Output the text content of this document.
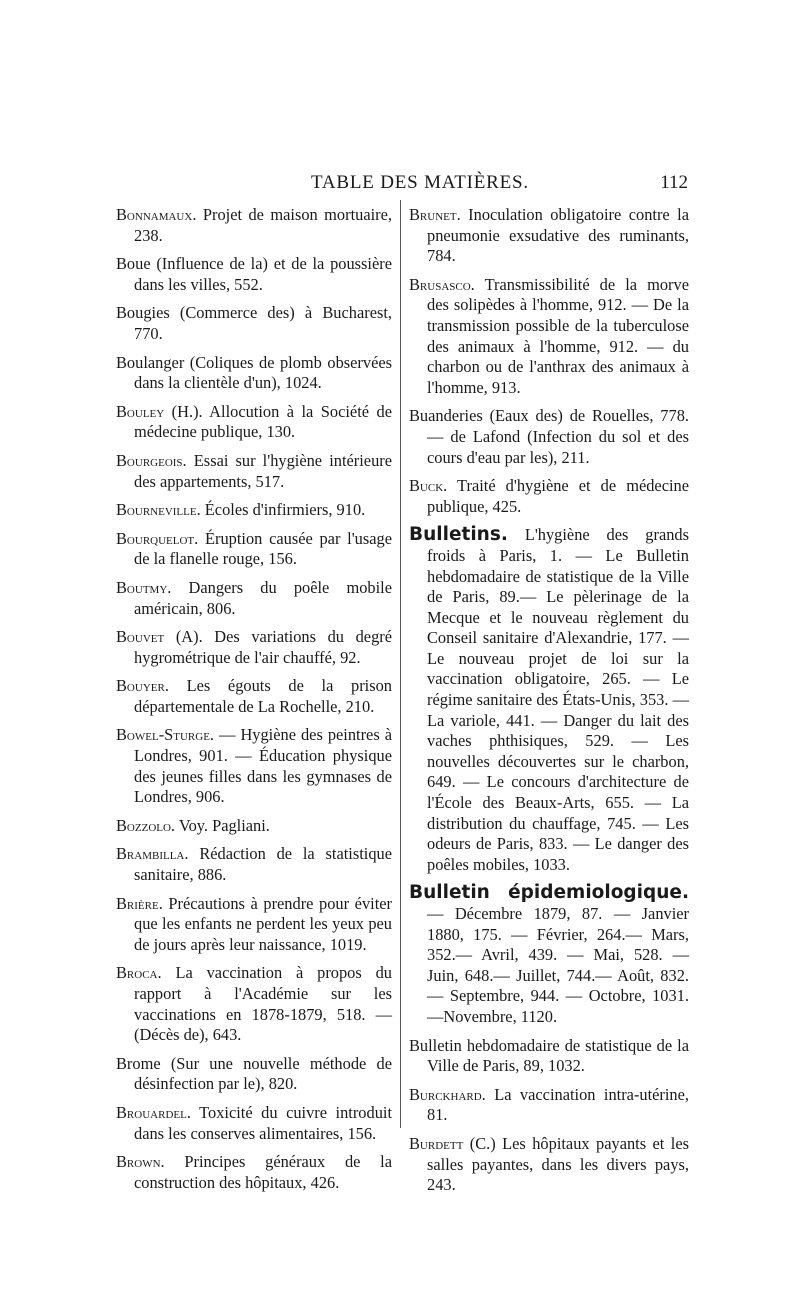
TABLE DES MATIÈRES.	112
Bonnamaux. Projet de maison mortuaire, 238.
Boue (Influence de la) et de la poussière dans les villes, 552.
Bougies (Commerce des) à Bucharest, 770.
Boulanger (Coliques de plomb observées dans la clientèle d'un), 1024.
Bouley (H.). Allocution à la Société de médecine publique, 130.
Bourgeois. Essai sur l'hygiène intérieure des appartements, 517.
Bourneville. Écoles d'infirmiers, 910.
Bourquelot. Éruption causée par l'usage de la flanelle rouge, 156.
Boutmy. Dangers du poêle mobile américain, 806.
Bouvet (A). Des variations du degré hygrométrique de l'air chauffé, 92.
Bouyer. Les égouts de la prison départementale de La Rochelle, 210.
Bowel-Sturge. — Hygiène des peintres à Londres, 901. — Éducation physique des jeunes filles dans les gymnases de Londres, 906.
Bozzolo. Voy. Pagliani.
Brambilla. Rédaction de la statistique sanitaire, 886.
Brière. Précautions à prendre pour éviter que les enfants ne perdent les yeux peu de jours après leur naissance, 1019.
Broca. La vaccination à propos du rapport à l'Académie sur les vaccinations en 1878-1879, 518. — (Décès de), 643.
Brome (Sur une nouvelle méthode de désinfection par le), 820.
Brouardel. Toxicité du cuivre introduit dans les conserves alimentaires, 156.
Brown. Principes généraux de la construction des hôpitaux, 426.
Brunet. Inoculation obligatoire contre la pneumonie exsudative des ruminants, 784.
Brusasco. Transmissibilité de la morve des solipèdes à l'homme, 912. — De la transmission possible de la tuberculose des animaux à l'homme, 912. — du charbon ou de l'anthrax des animaux à l'homme, 913.
Buanderies (Eaux des) de Rouelles, 778. — de Lafond (Infection du sol et des cours d'eau par les), 211.
Buck. Traité d'hygiène et de médecine publique, 425.
Bulletins. L'hygiène des grands froids à Paris, 1. — Le Bulletin hebdomadaire de statistique de la Ville de Paris, 89.— Le pèlerinage de la Mecque et le nouveau règlement du Conseil sanitaire d'Alexandrie, 177. — Le nouveau projet de loi sur la vaccination obligatoire, 265. — Le régime sanitaire des États-Unis, 353. — La variole, 441. — Danger du lait des vaches phthisiques, 529. — Les nouvelles découvertes sur le charbon, 649. — Le concours d'architecture de l'École des Beaux-Arts, 655. — La distribution du chauffage, 745. — Les odeurs de Paris, 833. — Le danger des poêles mobiles, 1033.
Bulletin épidemiologique. — Décembre 1879, 87. — Janvier 1880, 175. — Février, 264.— Mars, 352.— Avril, 439. — Mai, 528. — Juin, 648.— Juillet, 744.— Août, 832.— Septembre, 944. — Octobre, 1031. —Novembre, 1120.
Bulletin hebdomadaire de statistique de la Ville de Paris, 89, 1032.
Burckhard. La vaccination intra-utérine, 81.
Burdett (C.) Les hôpitaux payants et les salles payantes, dans les divers pays, 243.
